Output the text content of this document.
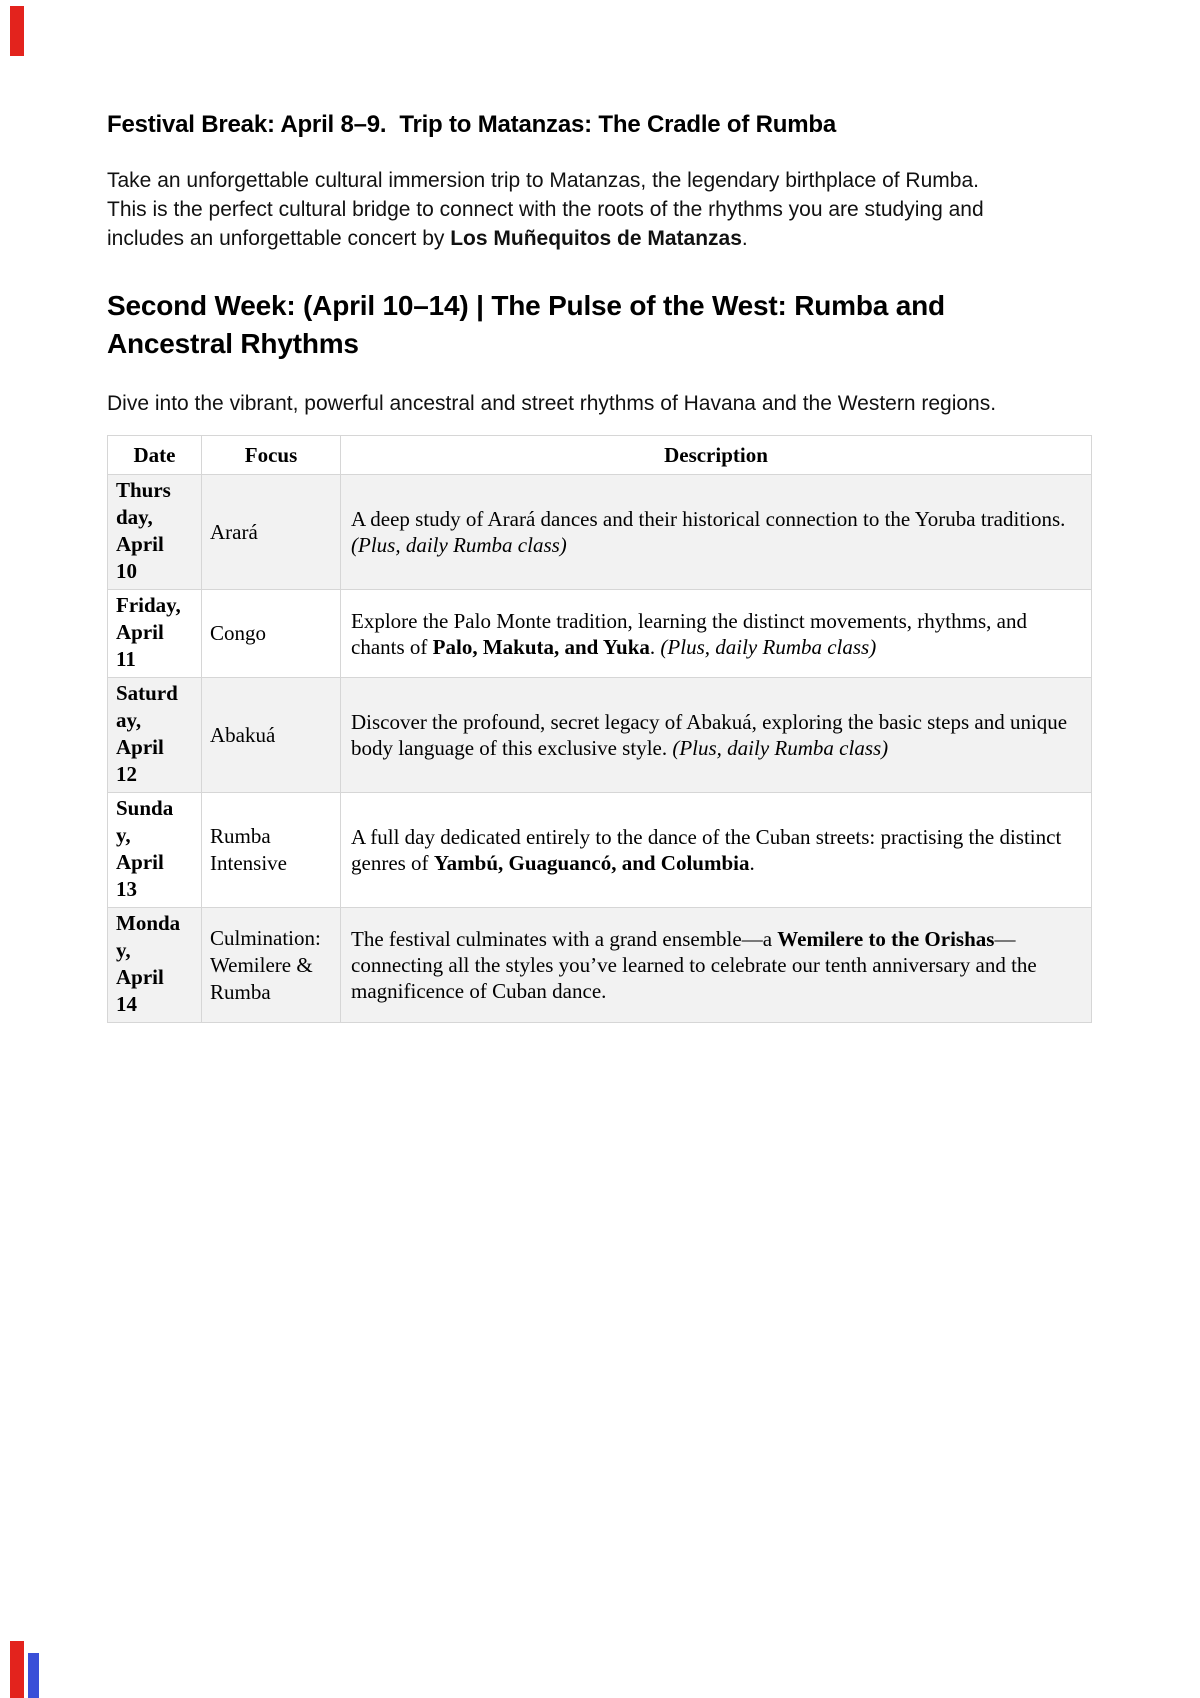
Festival Break: April 8–9.  Trip to Matanzas: The Cradle of Rumba

Take an unforgettable cultural immersion trip to Matanzas, the legendary birthplace of Rumba. This is the perfect cultural bridge to connect with the roots of the rhythms you are studying and includes an unforgettable concert by Los Muñequitos de Matanzas.

Second Week: (April 10–14) | The Pulse of the West: Rumba and Ancestral Rhythms

Dive into the vibrant, powerful ancestral and street rhythms of Havana and the Western regions.

Date	Focus	Description
Thursday, April 10	Arará	A deep study of Arará dances and their historical connection to the Yoruba traditions. (Plus, daily Rumba class)
Friday, April 11	Congo	Explore the Palo Monte tradition, learning the distinct movements, rhythms, and chants of Palo, Makuta, and Yuka. (Plus, daily Rumba class)
Saturday, April 12	Abakuá	Discover the profound, secret legacy of Abakuá, exploring the basic steps and unique body language of this exclusive style. (Plus, daily Rumba class)
Sunday, April 13	Rumba Intensive	A full day dedicated entirely to the dance of the Cuban streets: practising the distinct genres of Yambú, Guaguancó, and Columbia.
Monday, April 14	Culmination: Wemilere & Rumba	The festival culminates with a grand ensemble—a Wemilere to the Orishas—connecting all the styles you’ve learned to celebrate our tenth anniversary and the magnificence of Cuban dance.
